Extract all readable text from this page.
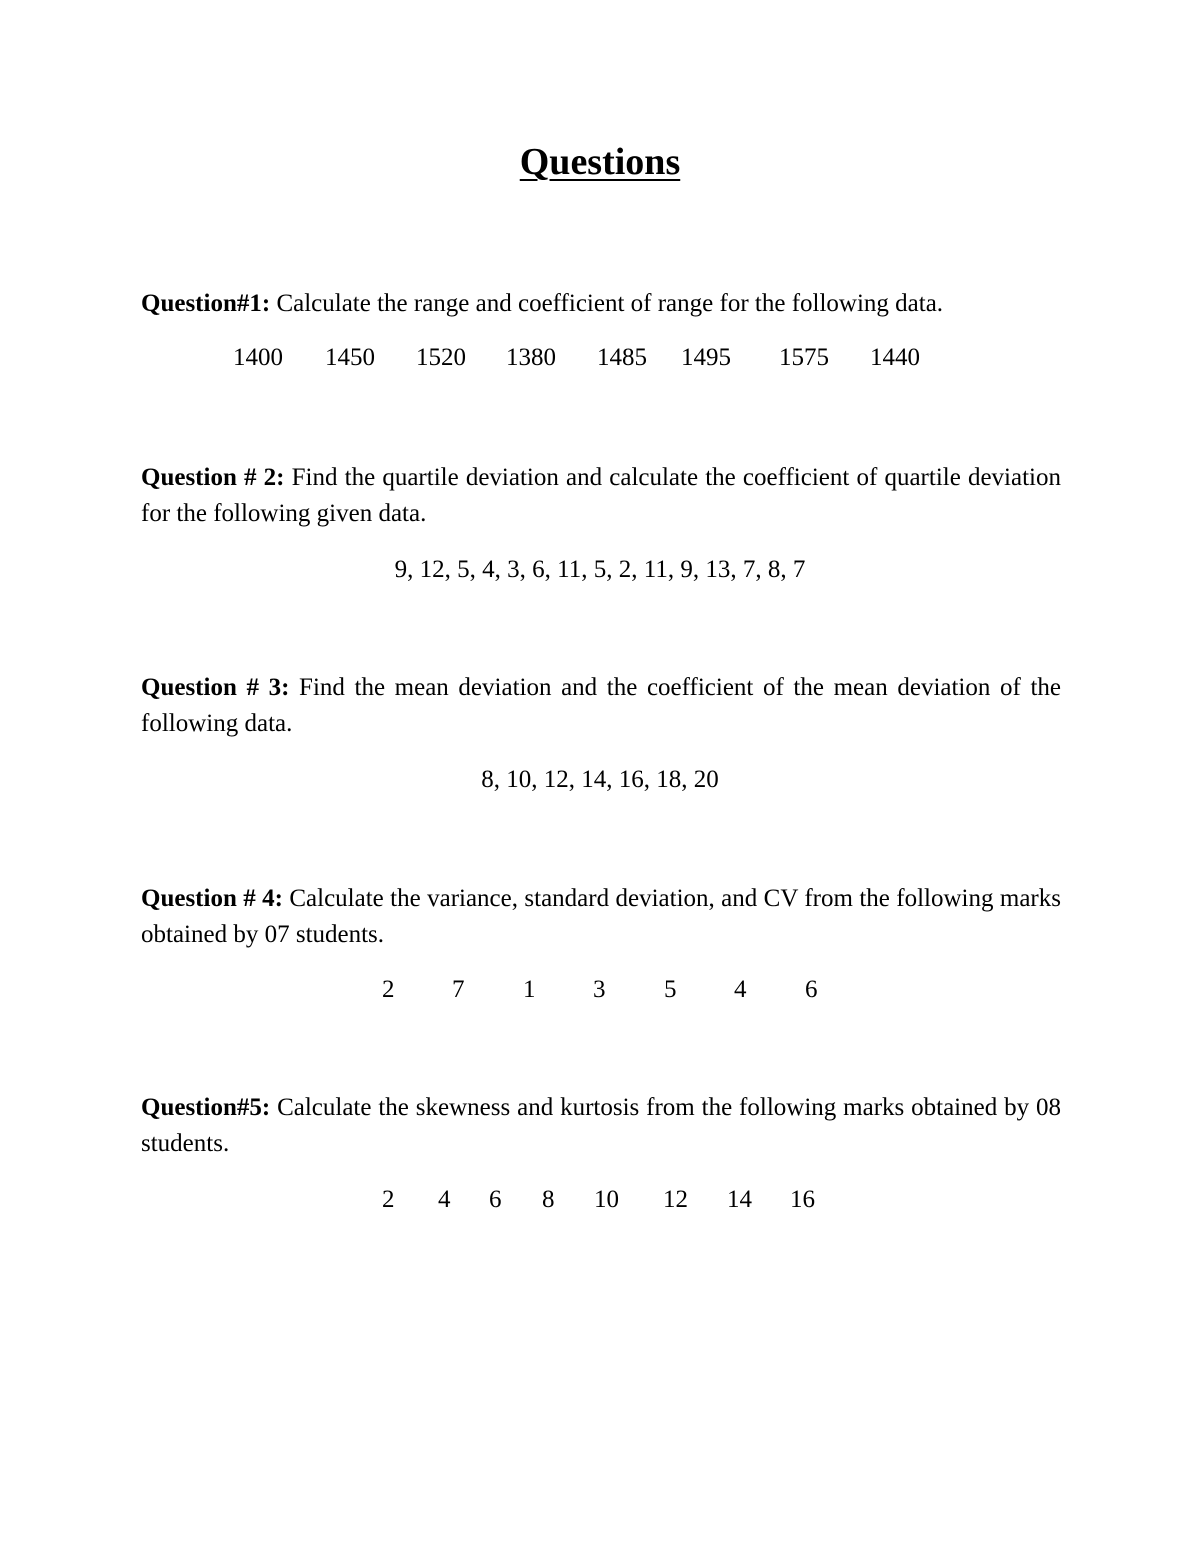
Questions
Question#1: Calculate the range and coefficient of range for the following data.
1400 1450 1520 1380 1485 1495 1575 1440
Question # 2: Find the quartile deviation and calculate the coefficient of quartile deviation for the following given data.
9, 12, 5, 4, 3, 6, 11, 5, 2, 11, 9, 13, 7, 8, 7
Question # 3: Find the mean deviation and the coefficient of the mean deviation of the following data.
8, 10, 12, 14, 16, 18, 20
Question # 4: Calculate the variance, standard deviation, and CV from the following marks obtained by 07 students.
2 7 1 3 5 4 6
Question#5: Calculate the skewness and kurtosis from the following marks obtained by 08 students.
2 4 6 8 10 12 14 16
